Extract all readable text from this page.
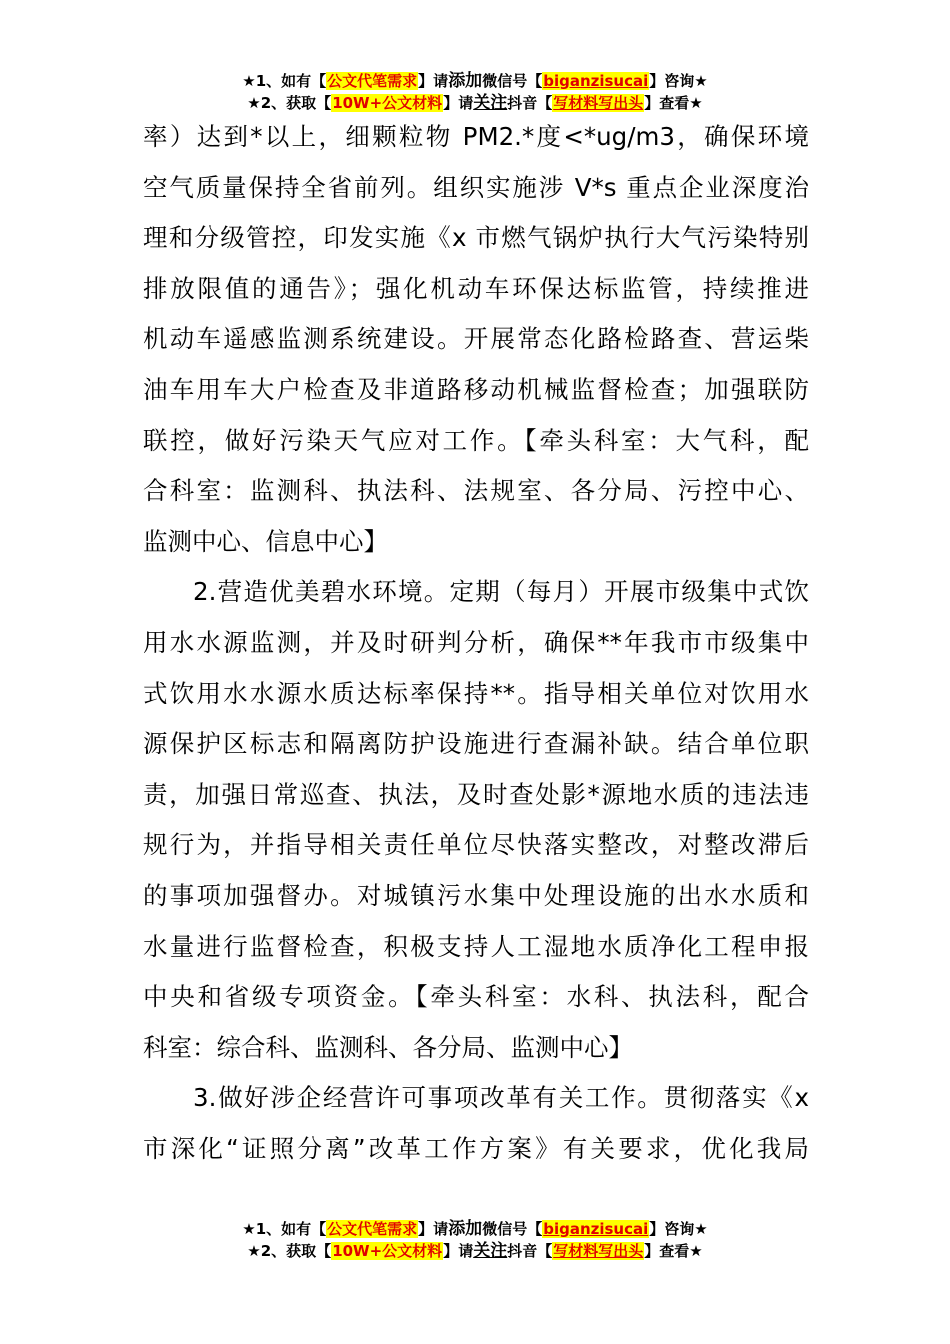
★1、如有【公文代笔需求】请添加微信号【biganzisucai】咨询★
★2、获取【10W+公文材料】请关注抖音【写材料写出头】查看★
率）达到*以上，细颗粒物 PM2.*度<*ug/m3，确保环境
空气质量保持全省前列。组织实施涉 V*s 重点企业深度治
理和分级管控，印发实施《x 市燃气锅炉执行大气污染特别
排放限值的通告》；强化机动车环保达标监管，持续推进
机动车遥感监测系统建设。开展常态化路检路查、营运柴
油车用车大户检查及非道路移动机械监督检查；加强联防
联控，做好污染天气应对工作。【牵头科室：大气科，配
合科室：监测科、执法科、法规室、各分局、污控中心、
监测中心、信息中心】
2.营造优美碧水环境。定期（每月）开展市级集中式饮
用水水源监测，并及时研判分析，确保**年我市市级集中
式饮用水水源水质达标率保持**。指导相关单位对饮用水
源保护区标志和隔离防护设施进行查漏补缺。结合单位职
责，加强日常巡查、执法，及时查处影*源地水质的违法违
规行为，并指导相关责任单位尽快落实整改，对整改滞后
的事项加强督办。对城镇污水集中处理设施的出水水质和
水量进行监督检查，积极支持人工湿地水质净化工程申报
中央和省级专项资金。【牵头科室：水科、执法科，配合
科室：综合科、监测科、各分局、监测中心】
3.做好涉企经营许可事项改革有关工作。贯彻落实《x
市深化“证照分离”改革工作方案》有关要求，优化我局
★1、如有【公文代笔需求】请添加微信号【biganzisucai】咨询★
★2、获取【10W+公文材料】请关注抖音【写材料写出头】查看★
